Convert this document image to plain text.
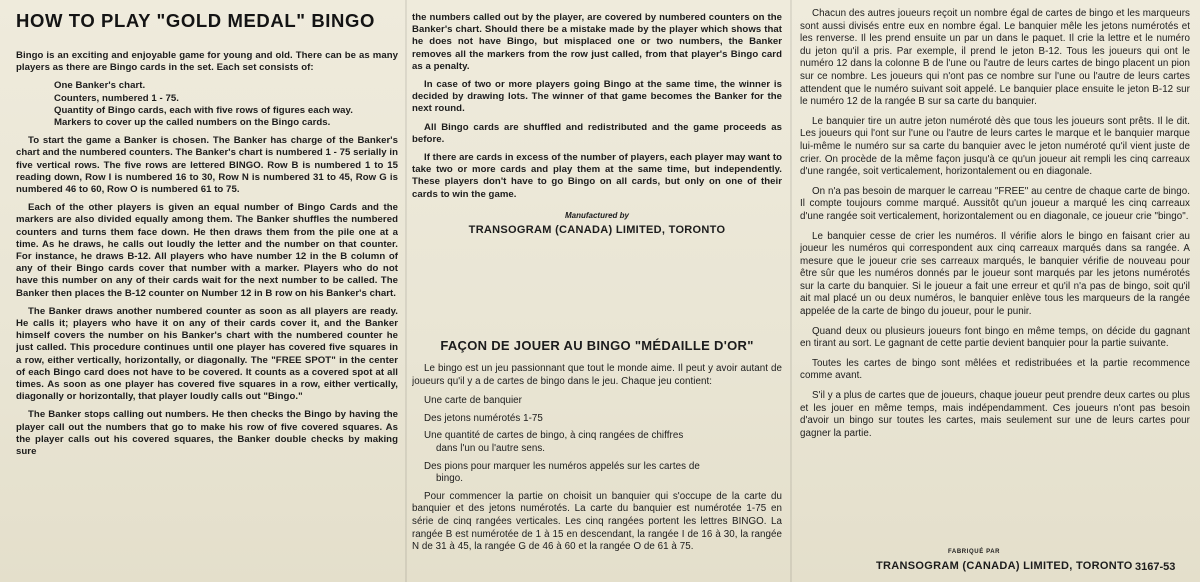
HOW TO PLAY "GOLD MEDAL" BINGO

Bingo is an exciting and enjoyable game for young and old. There can be as many players as there are Bingo cards in the set. Each set consists of:

One Banker's chart.
Counters, numbered 1 - 75.
Quantity of Bingo cards, each with five rows of figures each way.
Markers to cover up the called numbers on the Bingo cards.

To start the game a Banker is chosen. The Banker has charge of the Banker's chart and the numbered counters. The Banker's chart is numbered 1 - 75 serially in five vertical rows. The five rows are lettered BINGO. Row B is numbered 1 to 15 reading down, Row I is numbered 16 to 30, Row N is numbered 31 to 45, Row G is numbered 46 to 60, Row O is numbered 61 to 75.

Each of the other players is given an equal number of Bingo Cards and the markers are also divided equally among them. The Banker shuffles the numbered counters and turns them face down. He then draws them from the pile one at a time. As he draws, he calls out loudly the letter and the number on that counter. For instance, he draws B-12. All players who have number 12 in the B column of any of their Bingo cards cover that number with a marker. Players who do not have this number on any of their cards wait for the next number to be called. The Banker then places the B-12 counter on Number 12 in B row on his Banker's chart.

The Banker draws another numbered counter as soon as all players are ready. He calls it; players who have it on any of their cards cover it, and the Banker himself covers the number on his Banker's chart with the numbered counter he just called. This procedure continues until one player has covered five squares in a row, either vertically, horizontally, or diagonally. The "FREE SPOT" in the center of each Bingo card does not have to be covered. It counts as a covered spot at all times. As soon as one player has covered five squares in a row, either vertically, diagonally or horizontally, that player loudly calls out "Bingo."

The Banker stops calling out numbers. He then checks the Bingo by having the player call out the numbers that go to make his row of five covered squares. As the player calls out his covered squares, the Banker double checks by making sure

the numbers called out by the player, are covered by numbered counters on the Banker's chart. Should there be a mistake made by the player which shows that he does not have Bingo, but misplaced one or two numbers, the Banker removes all the markers from the row just called, from that player's Bingo card as a penalty.

In case of two or more players going Bingo at the same time, the winner is decided by drawing lots. The winner of that game becomes the Banker for the next round.

All Bingo cards are shuffled and redistributed and the game proceeds as before.

If there are cards in excess of the number of players, each player may want to take two or more cards and play them at the same time, but independently. These players don't have to go Bingo on all cards, but only on one of their cards to win the game.

Manufactured by
TRANSOGRAM (CANADA) LIMITED, TORONTO
FAÇON DE JOUER AU BINGO "MÉDAILLE D'OR"

Le bingo est un jeu passionnant que tout le monde aime. Il peut y avoir autant de joueurs qu'il y a de cartes de bingo dans le jeu. Chaque jeu contient:

Une carte de banquier
Des jetons numérotés 1-75
Une quantité de cartes de bingo, à cinq rangées de chiffres
dans l'un ou l'autre sens.
Des pions pour marquer les numéros appelés sur les cartes de
bingo.

Pour commencer la partie on choisit un banquier qui s'occupe de la carte du banquier et des jetons numérotés. La carte du banquier est numérotée 1-75 en série de cinq rangées verticales. Les cinq rangées portent les lettres BINGO. La rangée B est numérotée de 1 à 15 en descendant, la rangée I de 16 à 30, la rangée N de 31 à 45, la rangée G de 46 à 60 et la rangée O de 61 à 75.

Chacun des autres joueurs reçoit un nombre égal de cartes de bingo et les marqueurs sont aussi divisés entre eux en nombre égal. Le banquier mêle les jetons numérotés et les renverse. Il les prend ensuite un par un dans le paquet. Il crie la lettre et le numéro du jeton qu'il a pris. Par exemple, il prend le jeton B-12. Tous les joueurs qui ont le numéro 12 dans la colonne B de l'une ou l'autre de leurs cartes de bingo placent un pion sur ce nombre. Les joueurs qui n'ont pas ce nombre sur l'une ou l'autre de leurs cartes attendent que le numéro suivant soit appelé. Le banquier place ensuite le jeton B-12 sur le numéro 12 de la rangée B sur sa carte du banquier.

Le banquier tire un autre jeton numéroté dès que tous les joueurs sont prêts. Il le dit. Les joueurs qui l'ont sur l'une ou l'autre de leurs cartes le marque et le banquier marque lui-même le numéro sur sa carte du banquier avec le jeton numéroté qu'il vient juste de crier. On procède de la même façon jusqu'à ce qu'un joueur ait rempli les cinq carreaux d'une rangée, soit verticalement, horizontalement ou en diagonale.

On n'a pas besoin de marquer le carreau "FREE" au centre de chaque carte de bingo. Il compte toujours comme marqué. Aussitôt qu'un joueur a marqué les cinq carreaux d'une rangée soit verticalement, horizontalement ou en diagonale, ce joueur crie "bingo".

Le banquier cesse de crier les numéros. Il vérifie alors le bingo en faisant crier au joueur les numéros qui correspondent aux cinq carreaux marqués dans sa rangée. A mesure que le joueur crie ses carreaux marqués, le banquier vérifie de nouveau pour être sûr que les numéros donnés par le joueur sont marqués par les jetons numérotés sur la carte du banquier. Si le joueur a fait une erreur et qu'il n'a pas de bingo, soit qu'il ait mal placé un ou deux numéros, le banquier enlève tous les marqueurs de la rangée appelée de la carte de bingo du joueur, pour le punir.

Quand deux ou plusieurs joueurs font bingo en même temps, on décide du gagnant en tirant au sort. Le gagnant de cette partie devient banquier pour la partie suivante.

Toutes les cartes de bingo sont mêlées et redistribuées et la partie recommence comme avant.

S'il y a plus de cartes que de joueurs, chaque joueur peut prendre deux cartes ou plus et les jouer en même temps, mais indépendamment. Ces joueurs n'ont pas besoin d'avoir un bingo sur toutes les cartes, mais seulement sur une de leurs cartes pour gagner la partie.

FABRIQUÉ PAR
TRANSOGRAM (CANADA) LIMITED, TORONTO 3167-53
